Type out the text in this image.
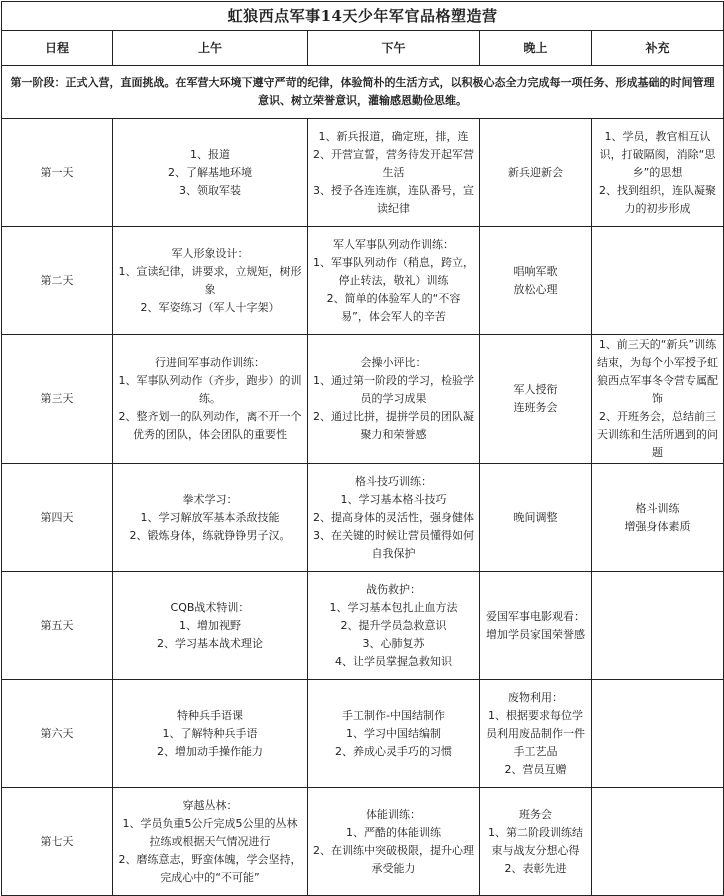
虹狼西点军事14天少年军官品格塑造营				
日程	上午	下午	晚上	补充
第一阶段：正式入营，直面挑战。在军营大环境下遵守严苛的纪律，体验简朴的生活方式，以积极心态全力完成每一项任务、形成基础的时间管理意识、树立荣誉意识，灌输感恩勤俭思维。				
第一天	1、报道
2、了解基地环境
3、领取军装	1、新兵报道，确定班，排，连
2、开营宣誓，营务待发开起军营生活
3、授予各连连旗，连队番号，宣读纪律	新兵迎新会	1、学员，教官相互认识，打破隔阂，消除“思乡”的思想
2、找到组织，连队凝聚力的初步形成

第二天	军人形象设计：
1、宣读纪律，讲要求，立规矩，树形象
2、军姿练习（军人十字架）	军人军事队列动作训练：
1、军事队列动作（稍息，跨立，停止转法，敬礼）训练
2、简单的体验军人的“不容易”，体会军人的辛苦	唱响军歌
放松心理	

第三天	行进间军事动作训练：
1、军事队列动作（齐步，跑步）的训练。
2、整齐划一的队列动作，离不开一个优秀的团队，体会团队的重要性	会操小评比：
1、通过第一阶段的学习，检验学员的学习成果
2、通过比拼，提拼学员的团队凝聚力和荣誉感	军人授衔
连班务会	1、前三天的“新兵”训练结束，为每个小军授予虹狼西点军事冬令营专属配饰
2、开班务会，总结前三天训练和生活所遇到的问题

第四天	拳术学习：
1、学习解放军基本杀敌技能
2、锻炼身体，练就铮铮男子汉。	格斗技巧训练：
1、学习基本格斗技巧
2、提高身体的灵活性，强身健体
3、在关键的时候让营员懂得如何自我保护	晚间调整	格斗训练
增强身体素质

第五天	CQB战术特训：
1、增加视野
2、学习基本战术理论	战伤救护：
1、学习基本包扎止血方法
2、提升学员急救意识
3、心肺复苏
4、让学员掌握急救知识	爱国军事电影观看：
增加学员家国荣誉感	

第六天	特种兵手语课
1、了解特种兵手语
2、增加动手操作能力	手工制作-中国结制作
1、学习中国结编制
2、养成心灵手巧的习惯	废物利用：
1、根据要求每位学员利用废品制作一件手工艺品
2、营员互赠	

第七天	穿越丛林：
1、学员负重5公斤完成5公里的丛林拉练或根据天气情况进行
2、磨练意志，野蛮体魄，学会坚持，完成心中的“不可能”	体能训练：
1、严酷的体能训练
2、在训练中突破极限，提升心理承受能力	班务会
1、第二阶段训练结束与战友分想心得
2、表彰先进	
